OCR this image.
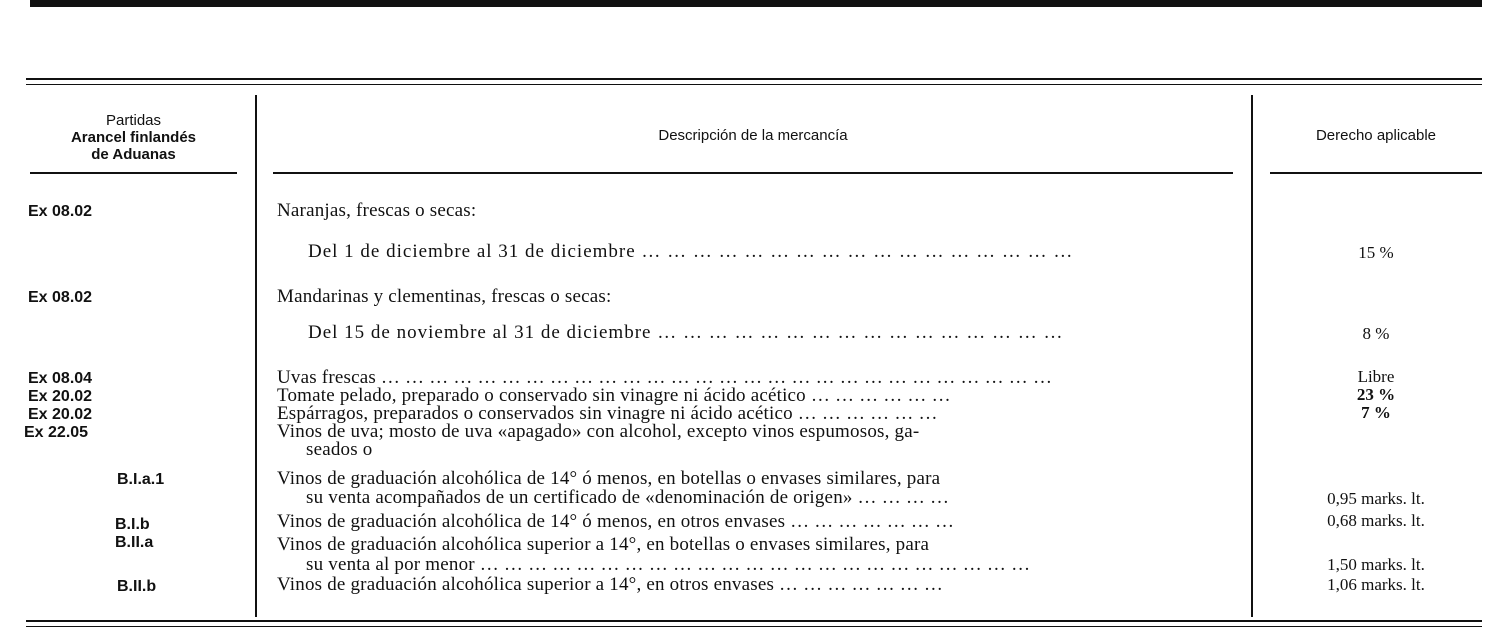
Partidas
Arancel finlandés
de Aduanas
Descripción de la mercancía	Derecho aplicable
Ex 08.02	Naranjas, frescas o secas:
Del 1 de diciembre al 31 de diciembre … … … … … … … … … … … … … … … … …	15 %
Ex 08.02	Mandarinas y clementinas, frescas o secas:
Del 15 de noviembre al 31 de diciembre … … … … … … … … … … … … … … … …	8 %
Ex 08.04	Uvas frescas … … … … … … … … … … … … … … … … … … … … … … … … … … … …	Libre
Ex 20.02	Tomate pelado, preparado o conservado sin vinagre ni ácido acético … … … … … …	23 %
Ex 20.02	Espárragos, preparados o conservados sin vinagre ni ácido acético … … … … … …	7 %
Ex 22.05	Vinos de uva; mosto de uva «apagado» con alcohol, excepto vinos espumosos, ga-
seados o
B.I.a.1	Vinos de graduación alcohólica de 14° ó menos, en botellas o envases similares, para
su venta acompañados de un certificado de «denominación de origen» … … … …	0,95 marks. lt.
B.I.b	Vinos de graduación alcohólica de 14° ó menos, en otros envases … … … … … … …	0,68 marks. lt.
B.II.a	Vinos de graduación alcohólica superior a 14°, en botellas o envases similares, para
su venta al por menor … … … … … … … … … … … … … … … … … … … … … … …	1,50 marks. lt.
B.II.b	Vinos de graduación alcohólica superior a 14°, en otros envases … … … … … … …	1,06 marks. lt.
